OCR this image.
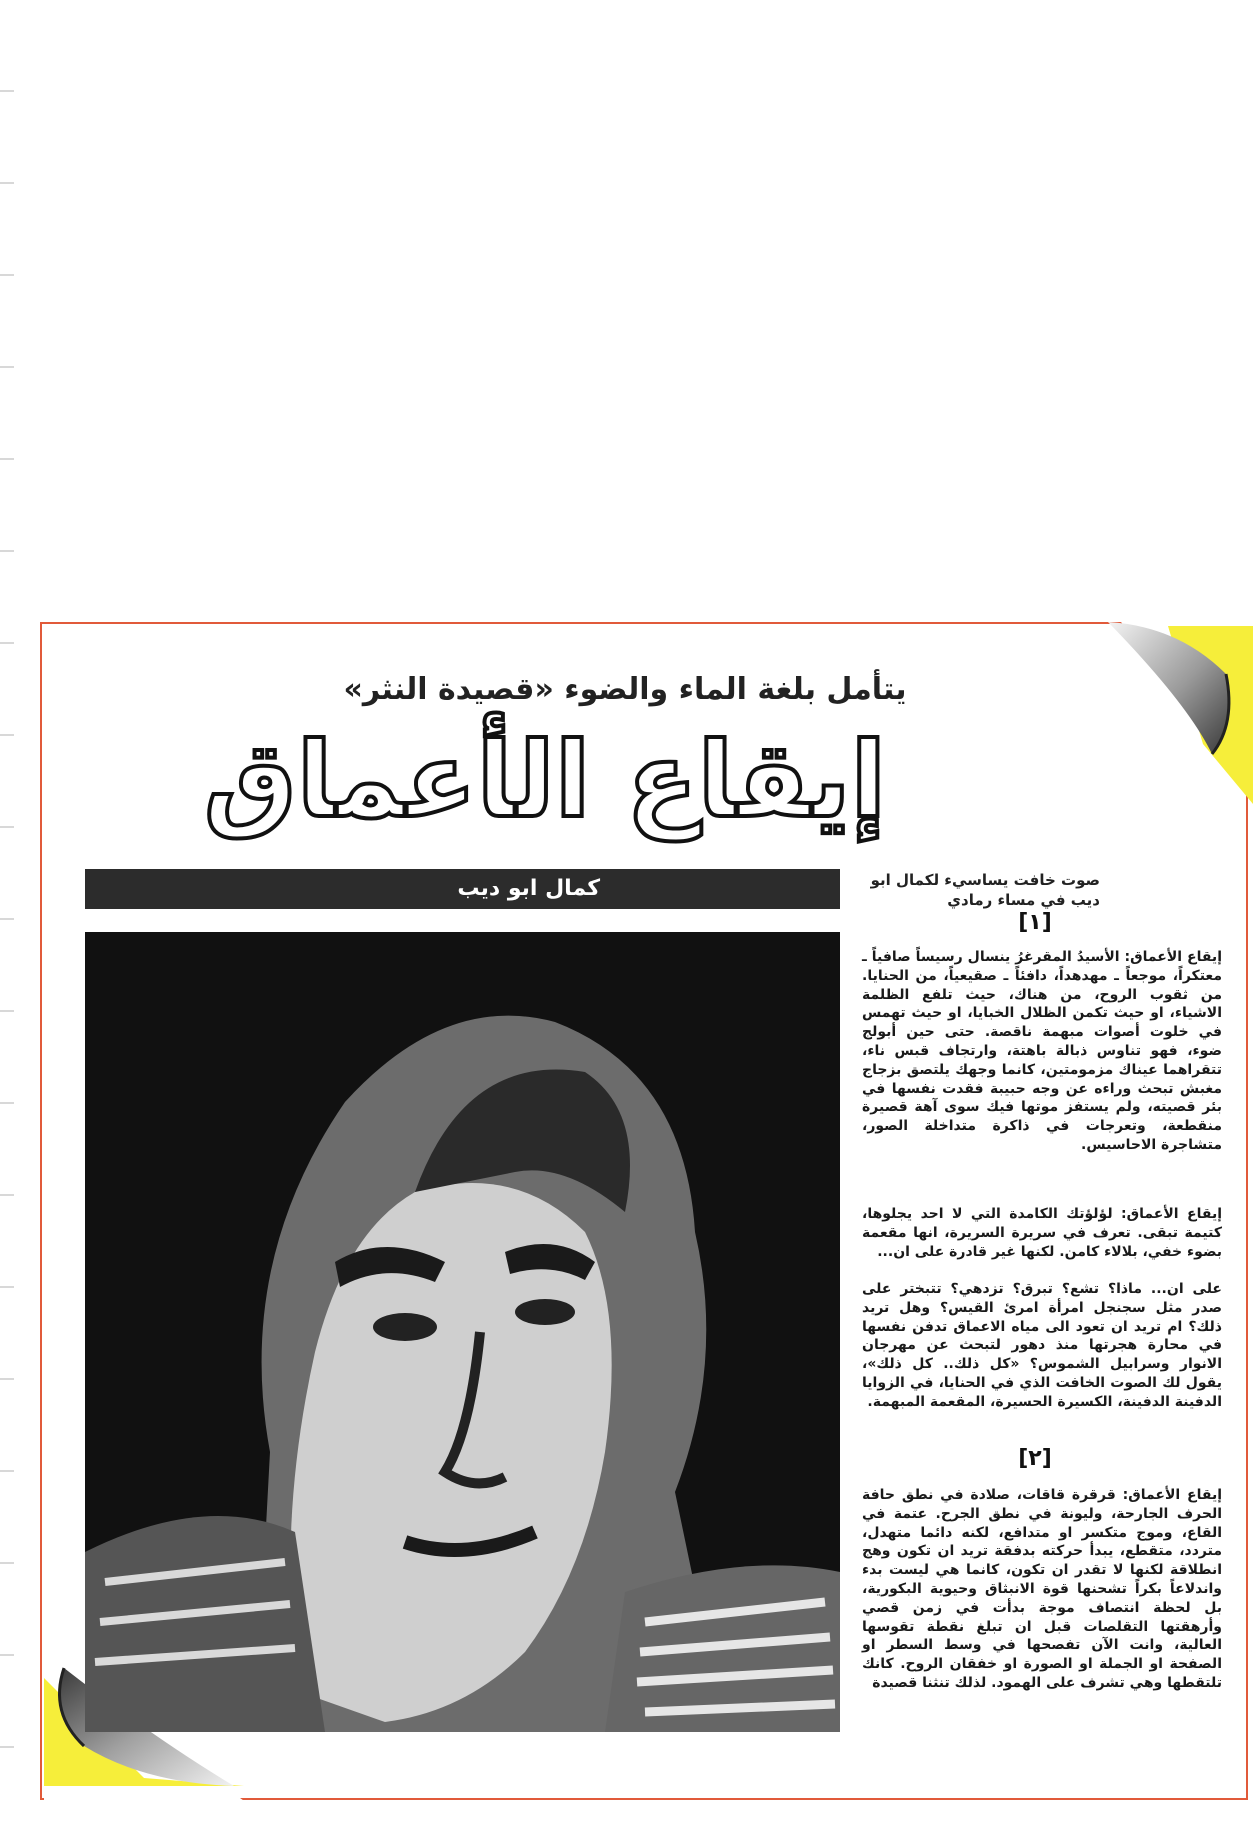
يتأمل بلغة الماء والضوء «قصيدة النثر»
إيقاع الأعماق
كمال ابو ديب	صوت خافت يساسيء لكمال ابو ديب في مساء رمادي
[١]

إيقاع الأعماق: الأسيدُ المقرغرُ ينسال رسيساً صافياً ـ معتكراً، موجعاً ـ مهدهداً، دافئاً ـ صقيعياً، من الحنايا. من ثقوب الروح، من هناك، حيث تلفع الظلمة الاشياء، او حيث تكمن الظلال الخبايا، او حيث تهمس في خلوت أصوات مبهمة ناقصة. حتى حين أبولج ضوء، فهو تناوس ذبالة باهتة، وارتجاف قبس ناء، تتقراهما عيناك مزمومتين، كانما وجهك يلتصق بزجاج مغبش تبحث وراءه عن وجه حبيبة فقدت نفسها في بئر قصيته، ولم يستفز موتها فيك سوى آهة قصيرة منقطعة، وتعرجات في ذاكرة متداخلة الصور، متشاجرة الاحاسيس.

إيقاع الأعماق: لؤلؤتك الكامدة التي لا احد يجلوها، كتيمة تبقى. تعرف في سريرة السريرة، انها مقعمة بضوء خفي، بلالاء كامن. لكنها غير قادرة على ان...

على ان... ماذا؟ تشع؟ تبرق؟ تزدهي؟ تتبختر على صدر مثل سجنجل امرأة امرئ القيس؟ وهل تريد ذلك؟ ام تريد ان تعود الى مياه الاعماق تدفن نفسها في محارة هجرتها منذ دهور لتبحث عن مهرجان الانوار وسرابيل الشموس؟ «كل ذلك.. كل ذلك»، يقول لك الصوت الخافت الذي في الحنايا، في الزوايا الدفينة الدفينة، الكسيرة الحسيرة، المقعمة المبهمة.

[٢]

إيقاع الأعماق: قرقرة قاقات، صلادة في نطق حافة الحرف الجارحة، وليونة في نطق الجرح. عتمة في القاع، وموج متكسر او متدافع، لكنه دائما متهدل، متردد، متقطع، يبدأ حركته بدفقة تريد ان تكون وهج انطلاقة لكنها لا تقدر ان تكون، كانما هي ليست بدء واندلاعاً بكراً تشحنها قوة الانبثاق وحيوية البكورية، بل لحظة انتصاف موجة بدأت في زمن قصي وأرهقتها التقلصات قبل ان تبلغ نقطة تقوسها العالية، وانت الآن تفصحها في وسط السطر او الصفحة او الجملة او الصورة او خفقان الروح. كانك تلتقطها وهي تشرف على الهمود. لذلك تنثنا قصيدة
